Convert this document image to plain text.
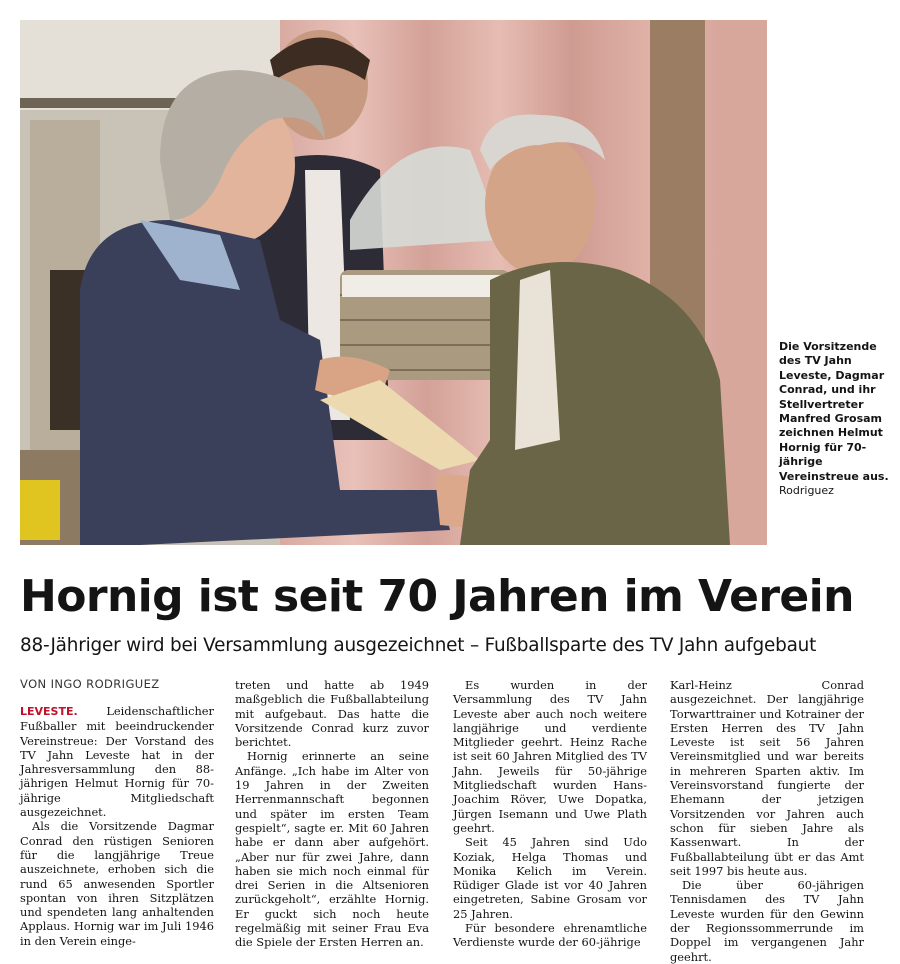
Die Vorsitzende des TV Jahn Leveste, Dagmar Conrad, und ihr Stellvertreter Manfred Grosam zeichnen Helmut Hornig für 70-jährige Vereinstreue aus.
Rodriguez
Hornig ist seit 70 Jahren im Verein
88-Jähriger wird bei Versammlung ausgezeichnet – Fußballsparte des TV Jahn aufgebaut
VON INGO RODRIGUEZ

LEVESTE.	Leidenschaftlicher Fußballer mit beeindruckender Vereinstreue: Der Vorstand des TV Jahn Leveste hat in der Jahresversammlung den 88-jährigen Helmut Hornig für 70-jährige Mitgliedschaft ausgezeichnet.

Als die Vorsitzende Dagmar Conrad den rüstigen Senioren für die langjährige Treue auszeichnete, erhoben sich die rund 65 anwesenden Sportler spontan von ihren Sitzplätzen und spendeten lang anhaltenden Applaus. Hornig war im Juli 1946 in den Verein einge-

treten und hatte ab 1949 maßgeblich die Fußballabteilung mit aufgebaut. Das hatte die Vorsitzende Conrad kurz zuvor berichtet.

Hornig erinnerte an seine Anfänge. „Ich habe im Alter von 19 Jahren in der Zweiten Herrenmannschaft begonnen und später im ersten Team gespielt“, sagte er. Mit 60 Jahren habe er dann aber aufgehört. „Aber nur für zwei Jahre, dann haben sie mich noch einmal für drei Serien in die Altsenioren zurückgeholt“, erzählte Hornig. Er guckt sich noch heute regelmäßig mit seiner Frau Eva die Spiele der Ersten Herren an.

Es wurden in der Versammlung des TV Jahn Leveste aber auch noch weitere langjährige und verdiente Mitglieder geehrt. Heinz Rache ist seit 60 Jahren Mitglied des TV Jahn. Jeweils für 50-jährige Mitgliedschaft wurden Hans-Joachim Röver, Uwe Dopatka, Jürgen Isemann und Uwe Plath geehrt.

Seit 45 Jahren sind Udo Koziak, Helga Thomas und Monika Kelich im Verein. Rüdiger Glade ist vor 40 Jahren eingetreten, Sabine Grosam vor 25 Jahren.

Für besondere ehrenamtliche Verdienste wurde der 60-jährige

Karl-Heinz Conrad ausgezeichnet. Der langjährige Torwarttrainer und Kotrainer der Ersten Herren des TV Jahn Leveste ist seit 56 Jahren Vereinsmitglied und war bereits in mehreren Sparten aktiv. Im Vereinsvorstand fungierte der Ehemann der jetzigen Vorsitzenden vor Jahren auch schon für sieben Jahre als Kassenwart. In der Fußballabteilung übt er das Amt seit 1997 bis heute aus.

Die über 60-jährigen Tennisdamen des TV Jahn Leveste wurden für den Gewinn der Regionssommerrunde im Doppel im vergangenen Jahr geehrt.
